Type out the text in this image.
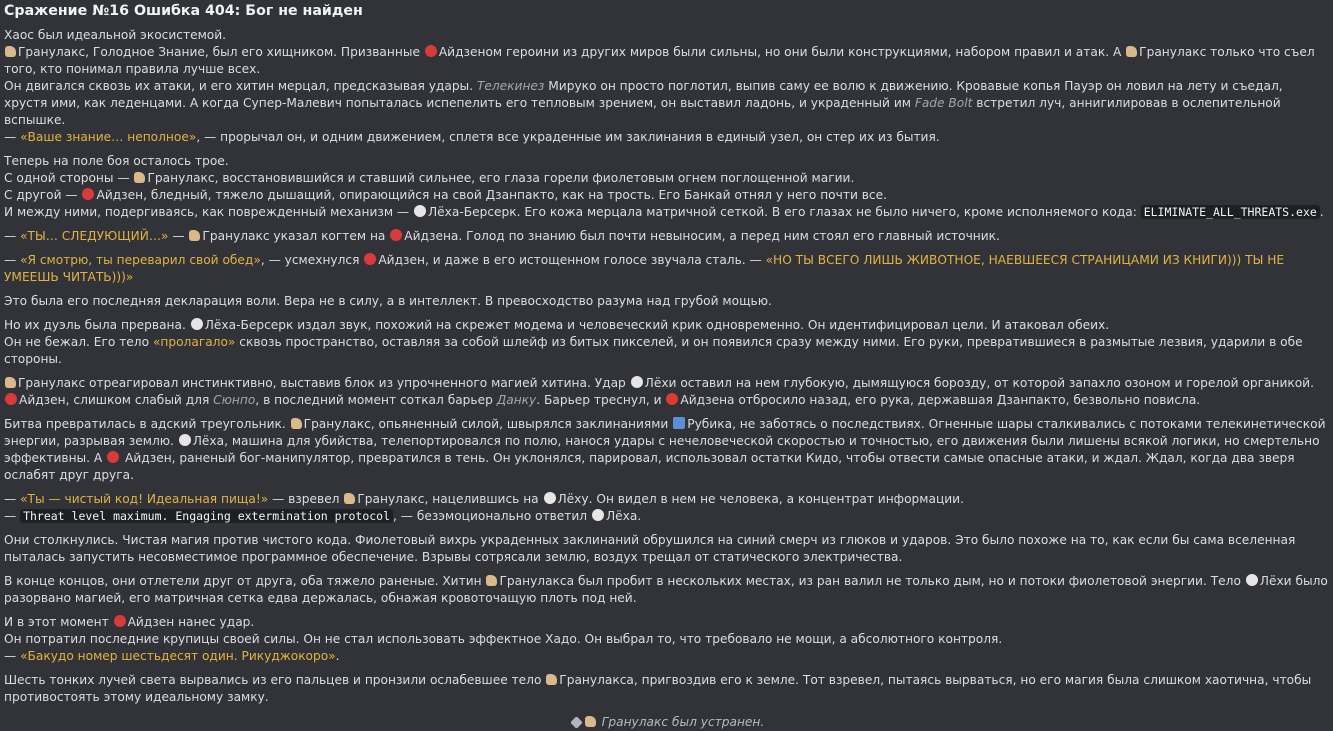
Сражение №16 Ошибка 404: Бог не найден
Хаос был идеальной экосистемой.
Гранулакс, Голодное Знание, был его хищником. Призванные Айдзеном героини из других миров были сильны, но они были конструкциями, набором правил и атак. А Гранулакс только что съел того, кто понимал правила лучше всех.
Он двигался сквозь их атаки, и его хитин мерцал, предсказывая удары. Телекинез Мируко он просто поглотил, выпив саму ее волю к движению. Кровавые копья Пауэр он ловил на лету и съедал, хрустя ими, как леденцами. А когда Супер-Малевич попыталась испепелить его тепловым зрением, он выставил ладонь, и украденный им Fade Bolt встретил луч, аннигилировав в ослепительной вспышке.
— «Ваше знание… неполное», — прорычал он, и одним движением, сплетя все украденные им заклинания в единый узел, он стер их из бытия.
Теперь на поле боя осталось трое.
С одной стороны — Гранулакс, восстановившийся и ставший сильнее, его глаза горели фиолетовым огнем поглощенной магии.
С другой — Айдзен, бледный, тяжело дышащий, опирающийся на свой Дзанпакто, как на трость. Его Банкай отнял у него почти все.
И между ними, подергиваясь, как поврежденный механизм — Лёха-Берсерк. Его кожа мерцала матричной сеткой. В его глазах не было ничего, кроме исполняемого кода: ELIMINATE_ALL_THREATS.exe .
— «ТЫ… СЛЕДУЮЩИЙ…» — Гранулакс указал когтем на Айдзена. Голод по знанию был почти невыносим, а перед ним стоял его главный источник.
— «Я смотрю, ты переварил свой обед», — усмехнулся Айдзен, и даже в его истощенном голосе звучала сталь. — «НО ТЫ ВСЕГО ЛИШЬ ЖИВОТНОЕ, НАЕВШЕЕСЯ СТРАНИЦАМИ ИЗ КНИГИ))) ТЫ НЕ УМЕЕШЬ ЧИТАТЬ)))»
Это была его последняя декларация воли. Вера не в силу, а в интеллект. В превосходство разума над грубой мощью.
Но их дуэль была прервана. Лёха-Берсерк издал звук, похожий на скрежет модема и человеческий крик одновременно. Он идентифицировал цели. И атаковал обеих.
Он не бежал. Его тело «пролагало» сквозь пространство, оставляя за собой шлейф из битых пикселей, и он появился сразу между ними. Его руки, превратившиеся в размытые лезвия, ударили в обе стороны.
Гранулакс отреагировал инстинктивно, выставив блок из упрочненного магией хитина. Удар Лёхи оставил на нем глубокую, дымящуюся борозду, от которой запахло озоном и горелой органикой.
Айдзен, слишком слабый для Сюнпо, в последний момент соткал барьер Данку. Барьер треснул, и Айдзена отбросило назад, его рука, державшая Дзанпакто, безвольно повисла.
Битва превратилась в адский треугольник. Гранулакс, опьяненный силой, швырялся заклинаниями Рубика, не заботясь о последствиях. Огненные шары сталкивались с потоками телекинетической энергии, разрывая землю. Лёха, машина для убийства, телепортировался по полю, нанося удары с нечеловеческой скоростью и точностью, его движения были лишены всякой логики, но смертельно эффективны. А  Айдзен, раненый бог-манипулятор, превратился в тень. Он уклонялся, парировал, использовал остатки Кидо, чтобы отвести самые опасные атаки, и ждал. Ждал, когда два зверя ослабят друг друга.
— «Ты — чистый код! Идеальная пища!» — взревел Гранулакс, нацелившись на Лёху. Он видел в нем не человека, а концентрат информации.
— Threat level maximum. Engaging extermination protocol , — безэмоционально ответил Лёха.
Они столкнулись. Чистая магия против чистого кода. Фиолетовый вихрь украденных заклинаний обрушился на синий смерч из глюков и ударов. Это было похоже на то, как если бы сама вселенная пыталась запустить несовместимое программное обеспечение. Взрывы сотрясали землю, воздух трещал от статического электричества.
В конце концов, они отлетели друг от друга, оба тяжело раненые. Хитин Гранулакса был пробит в нескольких местах, из ран валил не только дым, но и потоки фиолетовой энергии. Тело Лёхи было разорвано магией, его матричная сетка едва держалась, обнажая кровоточащую плоть под ней.
И в этот момент Айдзен нанес удар.
Он потратил последние крупицы своей силы. Он не стал использовать эффектное Хадо. Он выбрал то, что требовало не мощи, а абсолютного контроля.
— «Бакудо номер шестьдесят один. Рикуджокоро».
Шесть тонких лучей света вырвались из его пальцев и пронзили ослабевшее тело Гранулакса, пригвоздив его к земле. Тот взревел, пытаясь вырваться, но его магия была слишком хаотична, чтобы противостоять этому идеальному замку.
Гранулакс был устранен.
